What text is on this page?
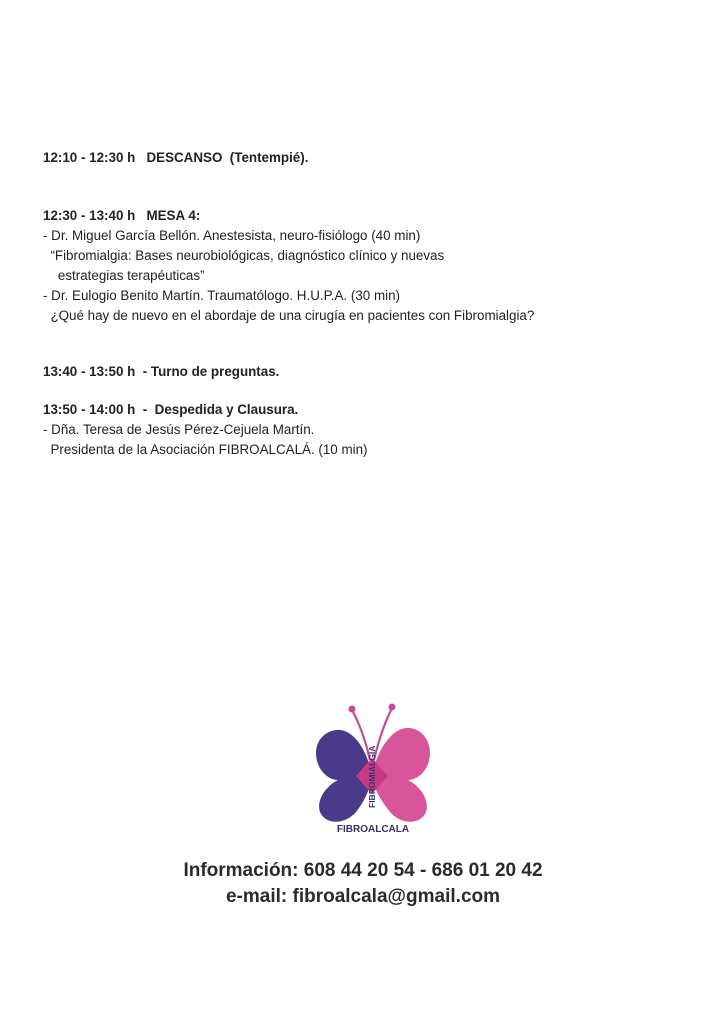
12:10 - 12:30 h DESCANSO  (Tentempié).
12:30 - 13:40 h MESA 4:
- Dr. Miguel García Bellón. Anestesista, neuro-fisiólogo (40 min)
“Fibromialgia: Bases neurobiológicas, diagnóstico clínico y nuevas
estrategias terapéuticas”
- Dr. Eulogio Benito Martín. Traumatólogo. H.U.P.A. (30 min)
¿Qué hay de nuevo en el abordaje de una cirugía en pacientes con Fibromialgia?
13:40 - 13:50 h - Turno de preguntas.
13:50 - 14:00 h -  Despedida y Clausura.
- Dña. Teresa de Jesús Pérez-Cejuela Martín.
Presidenta de la Asociación FIBROALCALÁ. (10 min)
FIBROMIALGIA
FIBROALCALA
Información: 608 44 20 54 - 686 01 20 42
e-mail: fibroalcala@gmail.com
